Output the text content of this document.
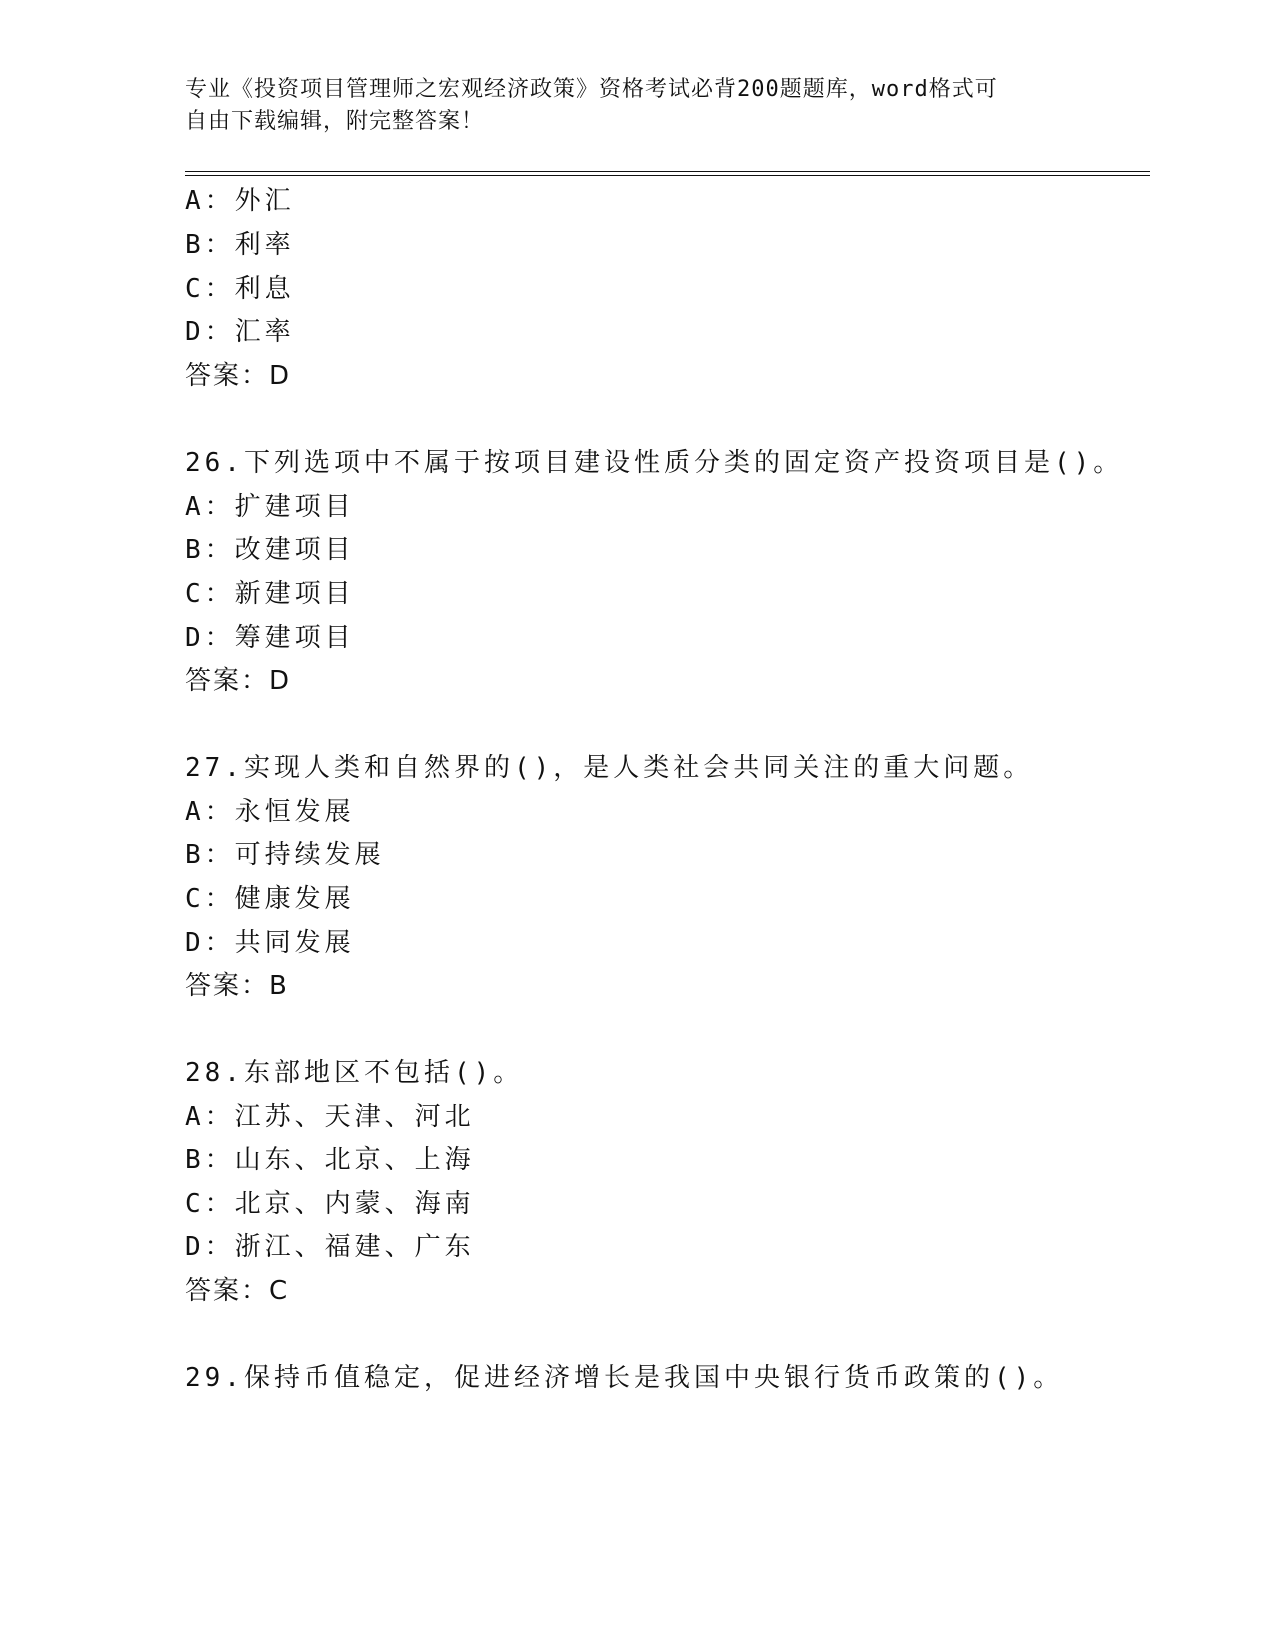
专业《投资项目管理师之宏观经济政策》资格考试必背200题题库，word格式可
自由下载编辑，附完整答案！
A：外汇
B：利率
C：利息
D：汇率
答案：D
26.下列选项中不属于按项目建设性质分类的固定资产投资项目是()。
A：扩建项目
B：改建项目
C：新建项目
D：筹建项目
答案：D
27.实现人类和自然界的()，是人类社会共同关注的重大问题。
A：永恒发展
B：可持续发展
C：健康发展
D：共同发展
答案：B
28.东部地区不包括()。
A：江苏、天津、河北
B：山东、北京、上海
C：北京、内蒙、海南
D：浙江、福建、广东
答案：C
29.保持币值稳定，促进经济增长是我国中央银行货币政策的()。
